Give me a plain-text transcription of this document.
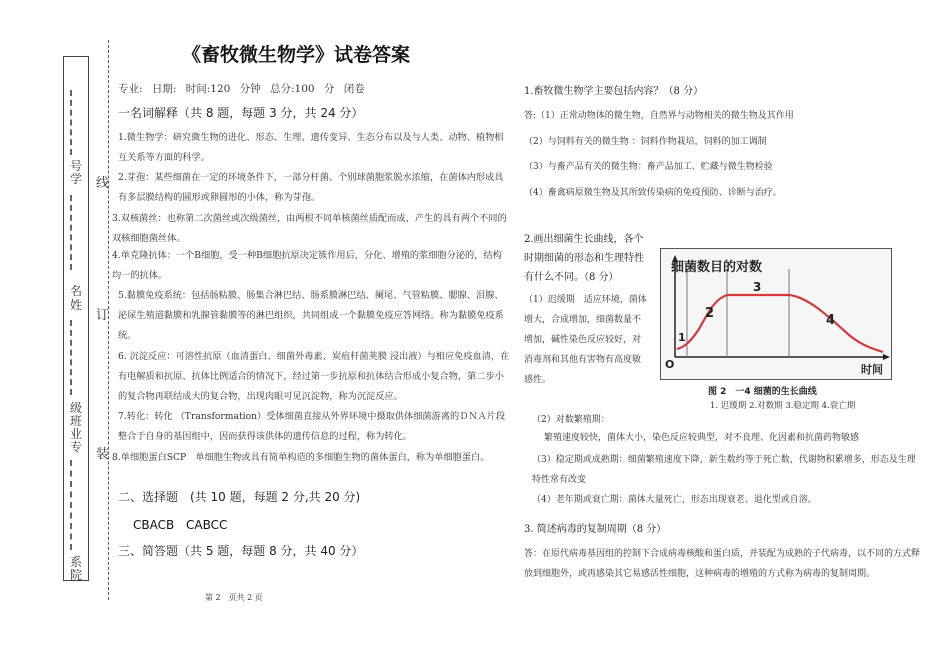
号
学
名
姓
级
班
业
专
系
院
线
订
装
《畜牧微生物学》试卷答案
专业: 日期: 时间:120 分钟 总分:100 分 闭卷
一名词解释（共 8 题，每题 3 分，共 24 分）
1.微生物学：研究微生物的进化、形态、生理、遗传变异、生态分布以及与人类、动物、植物相互关系等方面的科学。
2.芽孢：某些细菌在一定的环境条件下，一部分杆菌、个别球菌胞浆脱水浓缩，在菌体内形成具有多层膜结构的圆形或卵圆形的小体，称为芽孢。
3.双核菌丝：也称第二次菌丝或次级菌丝，由两根不同单核菌丝质配而成，产生的具有两个不同的双核细胞菌丝体。
4.单克隆抗体：一个B细胞，受一种B细胞抗原决定簇作用后，分化、增殖的浆细胞分泌的，结构均一的抗体。
5.黏膜免疫系统：包括肠粘膜、肠集合淋巴结、肠系膜淋巴结、阑尾、气管粘膜、腮腺、泪腺、泌尿生殖道黏膜和乳腺管黏膜等的淋巴组织，共同组成一个黏膜免疫应答网络。称为黏膜免疫系统。
6. 沉淀反应：可溶性抗原（血清蛋白、细菌外毒素、炭疽杆菌荚膜 浸出液）与相应免疫血清，在有电解质和抗原、抗体比例适合的情况下，经过第一步抗原和抗体结合形成小复合物，第二步小的复合物再联结成大的复合物，出现肉眼可见沉淀物，称为沉淀反应。
7.转化：转化 （Transformation）受体细菌直接从外界环境中摄取供体细菌游离的ＤＮＡ片段整合于自身的基因组中，因而获得该供体的遗传信息的过程，称为转化。
8.单细胞蛋白SCP　单细胞生物或具有简单构造的多细胞生物的菌体蛋白，称为单细胞蛋白。
二、选择题　(共 10 题，每题 2 分,共 20 分)
CBACB CABCC
三、简答题（共 5 题，每题 8 分，共 40 分）
第 2　页共 2 页
1.畜牧微生物学主要包括内容？（8 分）
答:（1）正常动物体的微生物，自然界与动物相关的微生物及其作用
（2）与饲料有关的微生物 ：饲料作物栽培，饲料的加工调制
（3）与畜产品有关的微生物：畜产品加工、贮藏与微生物检验
（4）畜禽病原微生物及其所致传染病的免疫预防、诊断与治疗。
2.画出细菌生长曲线，各个时期细菌的形态和生理特性有什么不同。（8 分）
（1）迟缓期　适应环境，菌体增大，合成增加，细菌数量不增加，碱性染色反应较好，对消毒剂和其他有害物有高度敏感性。
细菌数目的对数
时间
O
1
2
3
4
图 2　一4 细菌的生长曲线
1. 迟缓期 2.对数期 3.稳定期 4.衰亡期
（2）对数繁殖期：
繁殖速度较快，菌体大小，染色反应较典型，对不良理、化因素和抗菌药物敏感
（3）稳定期或成熟期：细菌繁殖速度下降，新生数约等于死亡数，代谢物积累增多，形态及生理特性常有改变
（4）老年期或衰亡期：菌体大量死亡，形态出现衰老、退化型或自溶。
3. 简述病毒的复制周期（8 分）
答：在原代病毒基因组的控制下合成病毒核酸和蛋白质，并装配为成熟的子代病毒，以不同的方式释放到细胞外，或再感染其它易感活性细胞，这种病毒的增殖的方式称为病毒的复制周期。
